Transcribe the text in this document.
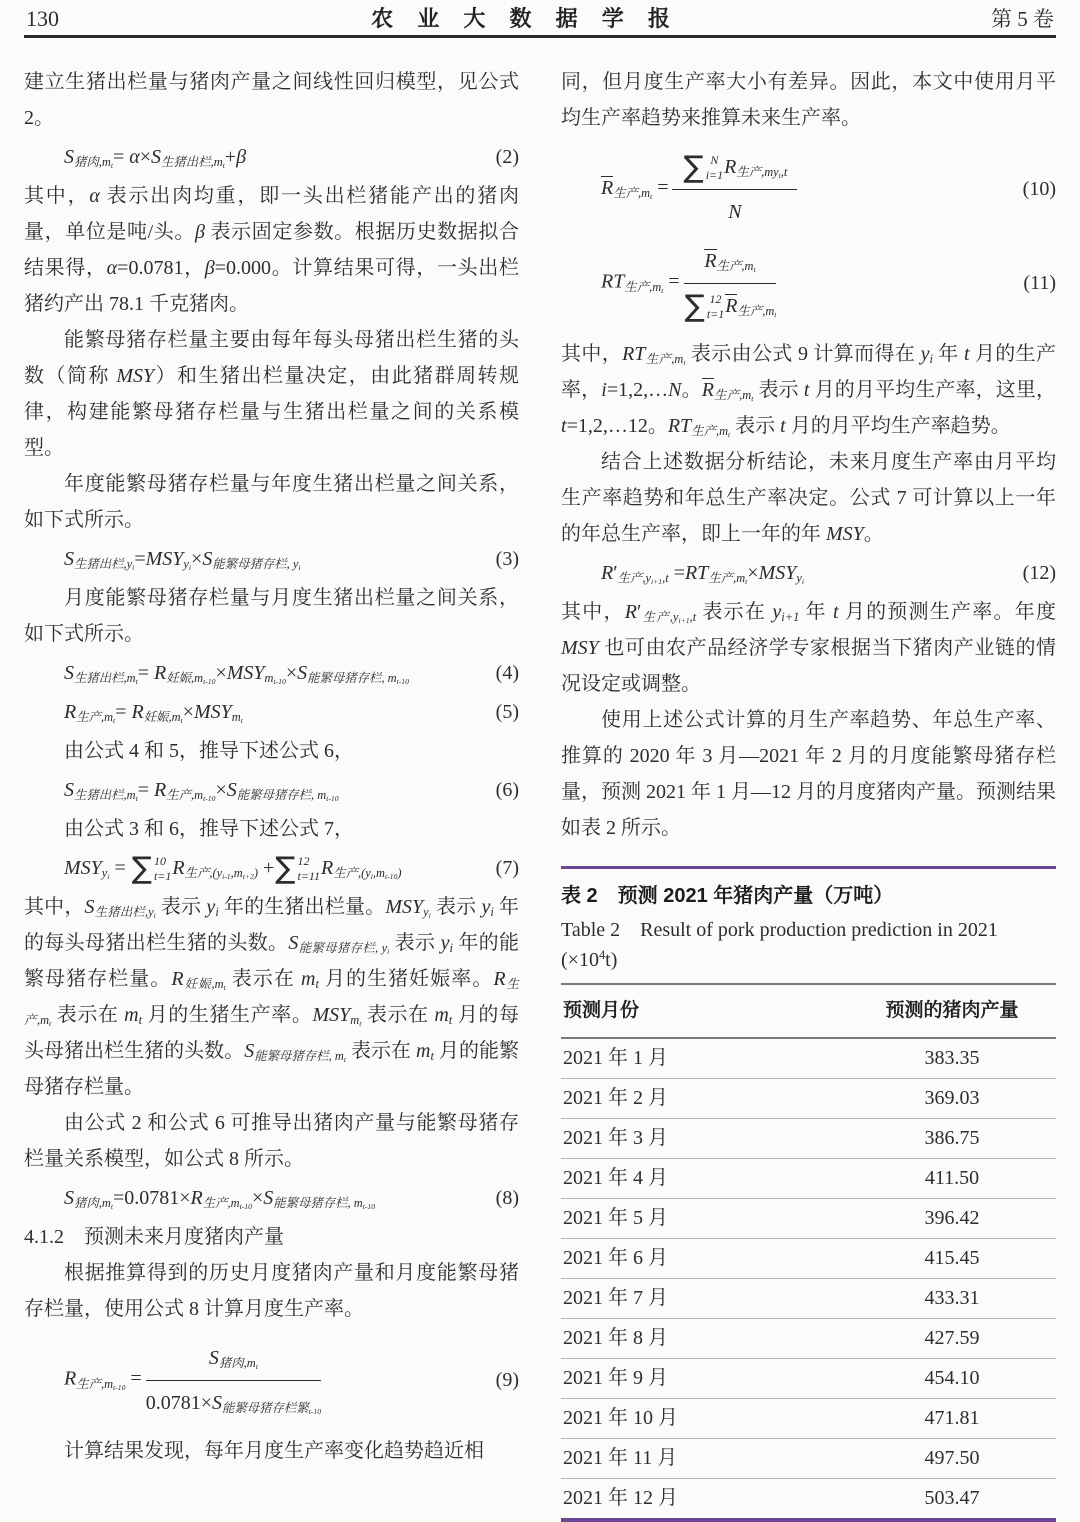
130	农 业 大 数 据 学 报	第 5 卷
建立生猪出栏量与猪肉产量之间线性回归模型，见公式 2。
$S_{猪肉,m_t}= \alpha\times S_{生猪出栏,m_t}+\beta$	(2)
其中，α 表示出肉均重，即一头出栏猪能产出的猪肉量，单位是吨/头。β 表示固定参数。根据历史数据拟合结果得，α=0.0781，β=0.000。计算结果可得，一头出栏猪约产出 78.1 千克猪肉。
能繁母猪存栏量主要由每年每头母猪出栏生猪的头数（简称 MSY）和生猪出栏量决定，由此猪群周转规律，构建能繁母猪存栏量与生猪出栏量之间的关系模型。
年度能繁母猪存栏量与年度生猪出栏量之间关系，如下式所示。
$S_{生猪出栏,y_i}=MSY_{y_i}\times S_{能繁母猪存栏, y_i}$	(3)
月度能繁母猪存栏量与月度生猪出栏量之间关系，如下式所示。
$S_{生猪出栏,m_t}= R_{妊娠,m_{t-10}}\times MSY_{m_{t-10}}\times S_{能繁母猪存栏, m_{t-10}}$	(4)
$R_{生产,m_t}= R_{妊娠,m_t}\times MSY_{m_t}$	(5)
由公式 4 和 5，推导下述公式 6，
$S_{生猪出栏,m_t}= R_{生产,m_{t-10}}\times S_{能繁母猪存栏, m_{t-10}}$	(6)
由公式 3 和 6，推导下述公式 7，
$MSY_{y_i}$ = ∑ 10
t=1 $R_{生产,(y_{i-1},m_{t+2})}$ + ∑ 12
t=11 $R_{生产,(y_i,m_{t-10})}$	(7)
其中，$S_{生猪出栏,y_i}$ 表示 $y_i$ 年的生猪出栏量。$MSY_{y_i}$ 表示 $y_i$ 年的每头母猪出栏生猪的头数。$S_{能繁母猪存栏, y_i}$ 表示 $y_i$ 年的能繁母猪存栏量。$R_{妊娠,m_t}$ 表示在 $m_t$ 月的生猪妊娠率。$R_{生产,m_t}$ 表示在 $m_t$ 月的生猪生产率。$MSY_{m_t}$ 表示在 $m_t$ 月的每头母猪出栏生猪的头数。$S_{能繁母猪存栏, m_t}$ 表示在 $m_t$ 月的能繁母猪存栏量。
由公式 2 和公式 6 可推导出猪肉产量与能繁母猪存栏量关系模型，如公式 8 所示。
$S_{猪肉,m_t}=0.0781\times R_{生产,m_{t-10}}\times S_{能繁母猪存栏, m_{t-10}}$	(8)
4.1.2　预测未来月度猪肉产量
根据推算得到的历史月度猪肉产量和月度能繁母猪存栏量，使用公式 8 计算月度生产率。
$R_{生产,m_{t-10}} = \frac{S_{猪肉,m_t}}{0.0781\times S_{能繁母猪存栏繁_{t-10}}}$	(9)
计算结果发现，每年月度生产率变化趋势趋近相
同，但月度生产率大小有差异。因此，本文中使用月平均生产率趋势来推算未来生产率。
$R_{生产,m_t}$ = ∑ N
i=1 $R_{生产,my_t,t}$
N	(10)
$RT_{生产,m_t} = R_{生产,m_t}$
∑ 12
t=1 $R_{生产,m_t}$	(11)
其中，$RT_{生产,m_t}$ 表示由公式 9 计算而得在 $y_i$ 年 t 月的生产率，i=1,2,…N。$R_{生产,m_t}$ 表示 t 月的月平均生产率，这里，t=1,2,…12。$RT_{生产,m_t}$ 表示 t 月的月平均生产率趋势。
结合上述数据分析结论，未来月度生产率由月平均生产率趋势和年总生产率决定。公式 7 可计算以上一年的年总生产率，即上一年的年 MSY。
$R'_{生产,y_{i+1},t} =RT_{生产,m_t}\times MSY_{y_i}$	(12)
其中，$R'_{生产,y_{i+1},t}$ 表示在 $y_{i+1}$ 年 t 月的预测生产率。年度 MSY 也可由农产品经济学专家根据当下猪肉产业链的情况设定或调整。
使用上述公式计算的月生产率趋势、年总生产率、推算的 2020 年 3 月—2021 年 2 月的月度能繁母猪存栏量，预测 2021 年 1 月—12 月的月度猪肉产量。预测结果如表 2 所示。
表 2　预测 2021 年猪肉产量（万吨）
Table 2　Result of pork production prediction in 2021 $(\times 10^4t)$
预测月份	预测的猪肉产量
2021 年 1 月	383.35
2021 年 2 月	369.03
2021 年 3 月	386.75
2021 年 4 月	411.50
2021 年 5 月	396.42
2021 年 6 月	415.45
2021 年 7 月	433.31
2021 年 8 月	427.59
2021 年 9 月	454.10
2021 年 10 月	471.81
2021 年 11 月	497.50
2021 年 12 月	503.47
